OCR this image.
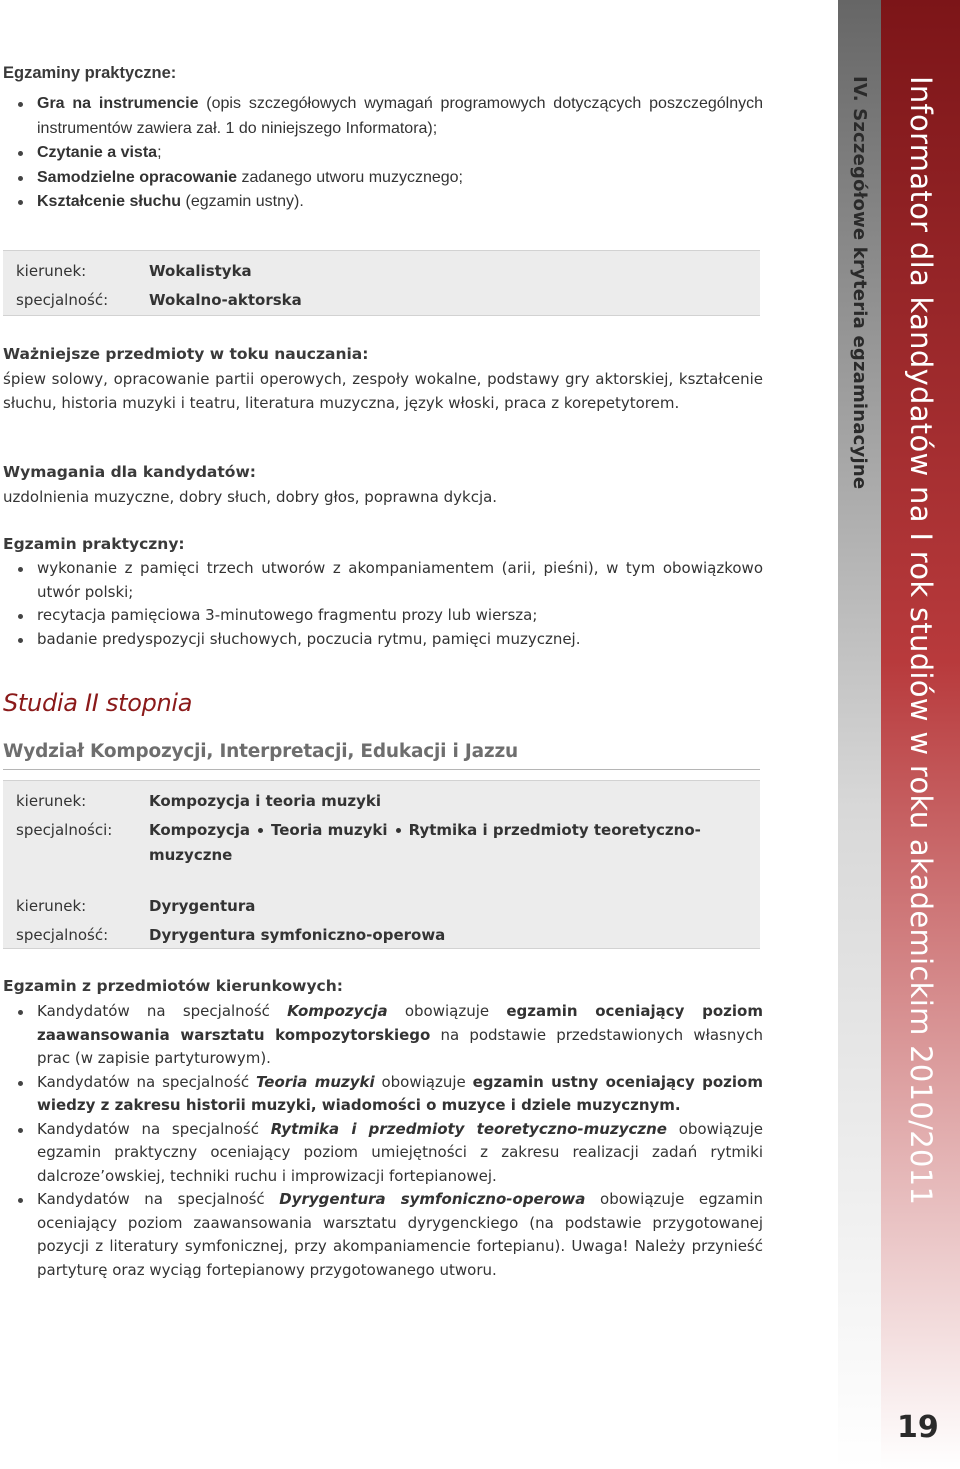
Egzaminy praktyczne:
Gra na instrumencie (opis szczegółowych wymagań programowych dotyczących poszczególnych instrumentów zawiera zał. 1 do niniejszego Informatora);
Czytanie a vista;
Samodzielne opracowanie zadanego utworu muzycznego;
Kształcenie słuchu (egzamin ustny).
kierunek:	Wokalistyka
specjalność:	Wokalno-aktorska
Ważniejsze przedmioty w toku nauczania:
śpiew solowy, opracowanie partii operowych, zespoły wokalne, podstawy gry aktorskiej, kształcenie słuchu, historia muzyki i teatru, literatura muzyczna, język włoski, praca z korepetytorem.
Wymagania dla kandydatów:
uzdolnienia muzyczne, dobry słuch, dobry głos, poprawna dykcja.
Egzamin praktyczny:
wykonanie z pamięci trzech utworów z akompaniamentem (arii, pieśni), w tym obowiązkowo utwór polski;
recytacja pamięciowa 3-minutowego fragmentu prozy lub wiersza;
badanie predyspozycji słuchowych, poczucia rytmu, pamięci muzycznej.
Studia II stopnia
Wydział Kompozycji, Interpretacji, Edukacji i Jazzu
kierunek:	Kompozycja i teoria muzyki
specjalności: Kompozycja Teoria muzyki Rytmika i przedmioty teoretyczno-
muzyczne
kierunek:	Dyrygentura
specjalność:	Dyrygentura symfoniczno-operowa
Egzamin z przedmiotów kierunkowych:
Kandydatów na specjalność Kompozycja obowiązuje egzamin oceniający poziom zaawansowania warsztatu kompozytorskiego na podstawie przedstawionych własnych prac (w zapisie partyturowym).
Kandydatów na specjalność Teoria muzyki obowiązuje egzamin ustny oceniający poziom wiedzy z zakresu historii muzyki, wiadomości o muzyce i dziele muzycznym.
Kandydatów na specjalność Rytmika i przedmioty teoretyczno-muzyczne obowiązuje egzamin praktyczny oceniający poziom umiejętności z zakresu realizacji zadań rytmiki dalcroze’owskiej, techniki ruchu i improwizacji fortepianowej.
Kandydatów na specjalność Dyrygentura symfoniczno-operowa obowiązuje egzamin oceniający poziom zaawansowania warsztatu dyrygenckiego (na podstawie przygotowanej pozycji z literatury symfonicznej, przy akompaniamencie fortepianu). Uwaga! Należy przynieść partyturę oraz wyciąg fortepianowy przygotowanego utworu.
IV. Szczegółowe kryteria egzaminacyjne Informator dla kandydatów na I rok studiów w roku akademickim 2010/2011
19
